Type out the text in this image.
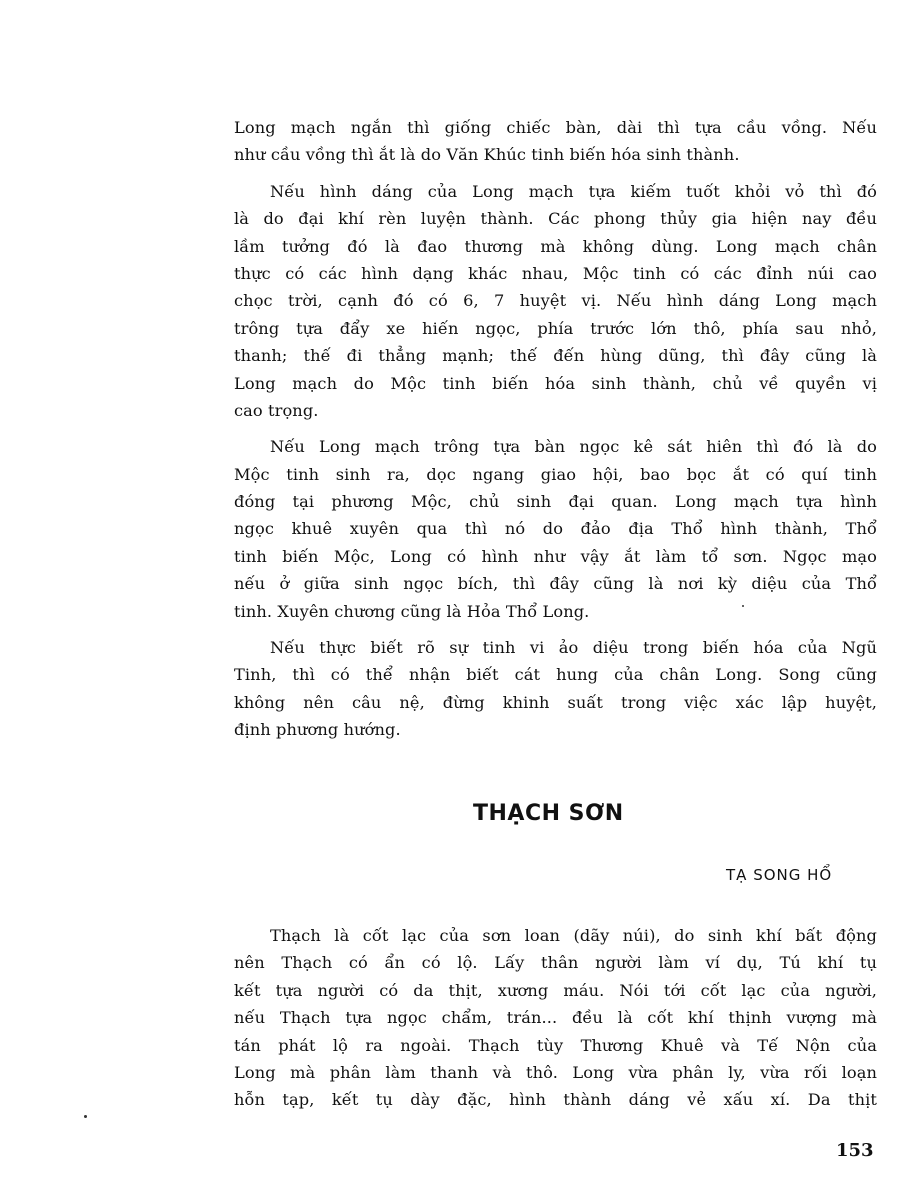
Long mạch ngắn thì giống chiếc bàn, dài thì tựa cầu vồng. Nếu
như cầu vồng thì ắt là do Văn Khúc tinh biến hóa sinh thành.
Nếu hình dáng của Long mạch tựa kiếm tuốt khỏi vỏ thì đó
là do đại khí rèn luyện thành. Các phong thủy gia hiện nay đều
lầm tưởng đó là đao thương mà không dùng. Long mạch chân
thực có các hình dạng khác nhau, Mộc tinh có các đỉnh núi cao
chọc trời, cạnh đó có 6, 7 huyệt vị. Nếu hình dáng Long mạch
trông tựa đẩy xe hiến ngọc, phía trước lớn thô, phía sau nhỏ,
thanh; thế đi thẳng mạnh; thế đến hùng dũng, thì đây cũng là
Long mạch do Mộc tinh biến hóa sinh thành, chủ về quyền vị
cao trọng.
Nếu Long mạch trông tựa bàn ngọc kê sát hiên thì đó là do
Mộc tinh sinh ra, dọc ngang giao hội, bao bọc ắt có quí tinh
đóng tại phương Mộc, chủ sinh đại quan. Long mạch tựa hình
ngọc khuê xuyên qua thì nó do đảo địa Thổ hình thành, Thổ
tinh biến Mộc, Long có hình như vậy ắt làm tổ sơn. Ngọc mạo
nếu ở giữa sinh ngọc bích, thì đây cũng là nơi kỳ diệu của Thổ
tinh. Xuyên chương cũng là Hỏa Thổ Long.
Nếu thực biết rõ sự tinh vi ảo diệu trong biến hóa của Ngũ
Tinh, thì có thể nhận biết cát hung của chân Long. Song cũng
không nên câu nệ, đừng khinh suất trong việc xác lập huyệt,
định phương hướng.
THẠCH SƠN
TẠ SONG HỔ
Thạch là cốt lạc của sơn loan (dãy núi), do sinh khí bất động
nên Thạch có ẩn có lộ. Lấy thân người làm ví dụ, Tú khí tụ
kết tựa người có da thịt, xương máu. Nói tới cốt lạc của người,
nếu Thạch tựa ngọc chẩm, trán... đều là cốt khí thịnh vượng mà
tán phát lộ ra ngoài. Thạch tùy Thương Khuê và Tế Nộn của
Long mà phân làm thanh và thô. Long vừa phân ly, vừa rối loạn
hỗn tạp, kết tụ dày đặc, hình thành dáng vẻ xấu xí. Da thịt
153
